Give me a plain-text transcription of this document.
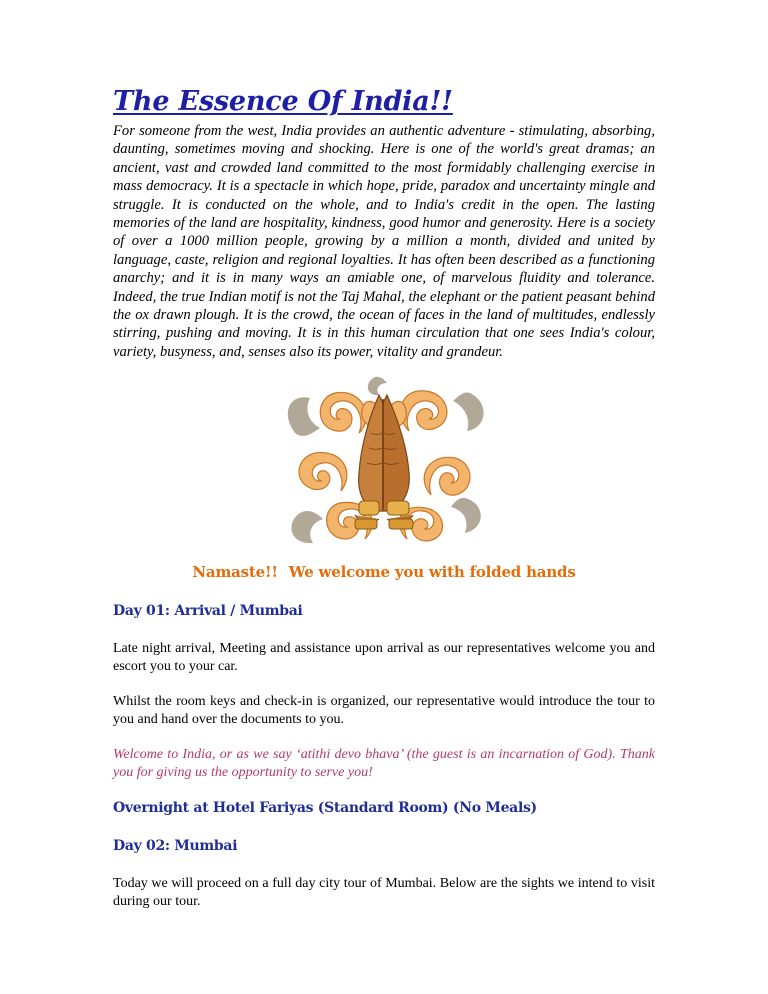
The Essence Of India!!

For someone from the west, India provides an authentic adventure - stimulating, absorbing, daunting, sometimes moving and shocking. Here is one of the world's great dramas; an ancient, vast and crowded land committed to the most formidably challenging exercise in mass democracy. It is a spectacle in which hope, pride, paradox and uncertainty mingle and struggle. It is conducted on the whole, and to India's credit in the open. The lasting memories of the land are hospitality, kindness, good humor and generosity. Here is a society of over a 1000 million people, growing by a million a month, divided and united by language, caste, religion and regional loyalties. It has often been described as a functioning anarchy; and it is in many ways an amiable one, of marvelous fluidity and tolerance. Indeed, the true Indian motif is not the Taj Mahal, the elephant or the patient peasant behind the ox drawn plough. It is the crowd, the ocean of faces in the land of multitudes, endlessly stirring, pushing and moving. It is in this human circulation that one sees India's colour, variety, busyness, and, senses also its power, vitality and grandeur.

Namaste!! We welcome you with folded hands

Day 01: Arrival / Mumbai

Late night arrival, Meeting and assistance upon arrival as our representatives welcome you and escort you to your car.

Whilst the room keys and check-in is organized, our representative would introduce the tour to you and hand over the documents to you.

Welcome to India, or as we say ‘atithi devo bhava’ (the guest is an incarnation of God). Thank you for giving us the opportunity to serve you!

Overnight at Hotel Fariyas (Standard Room) (No Meals)
Day 02: Mumbai

Today we will proceed on a full day city tour of Mumbai. Below are the sights we intend to visit during our tour.
